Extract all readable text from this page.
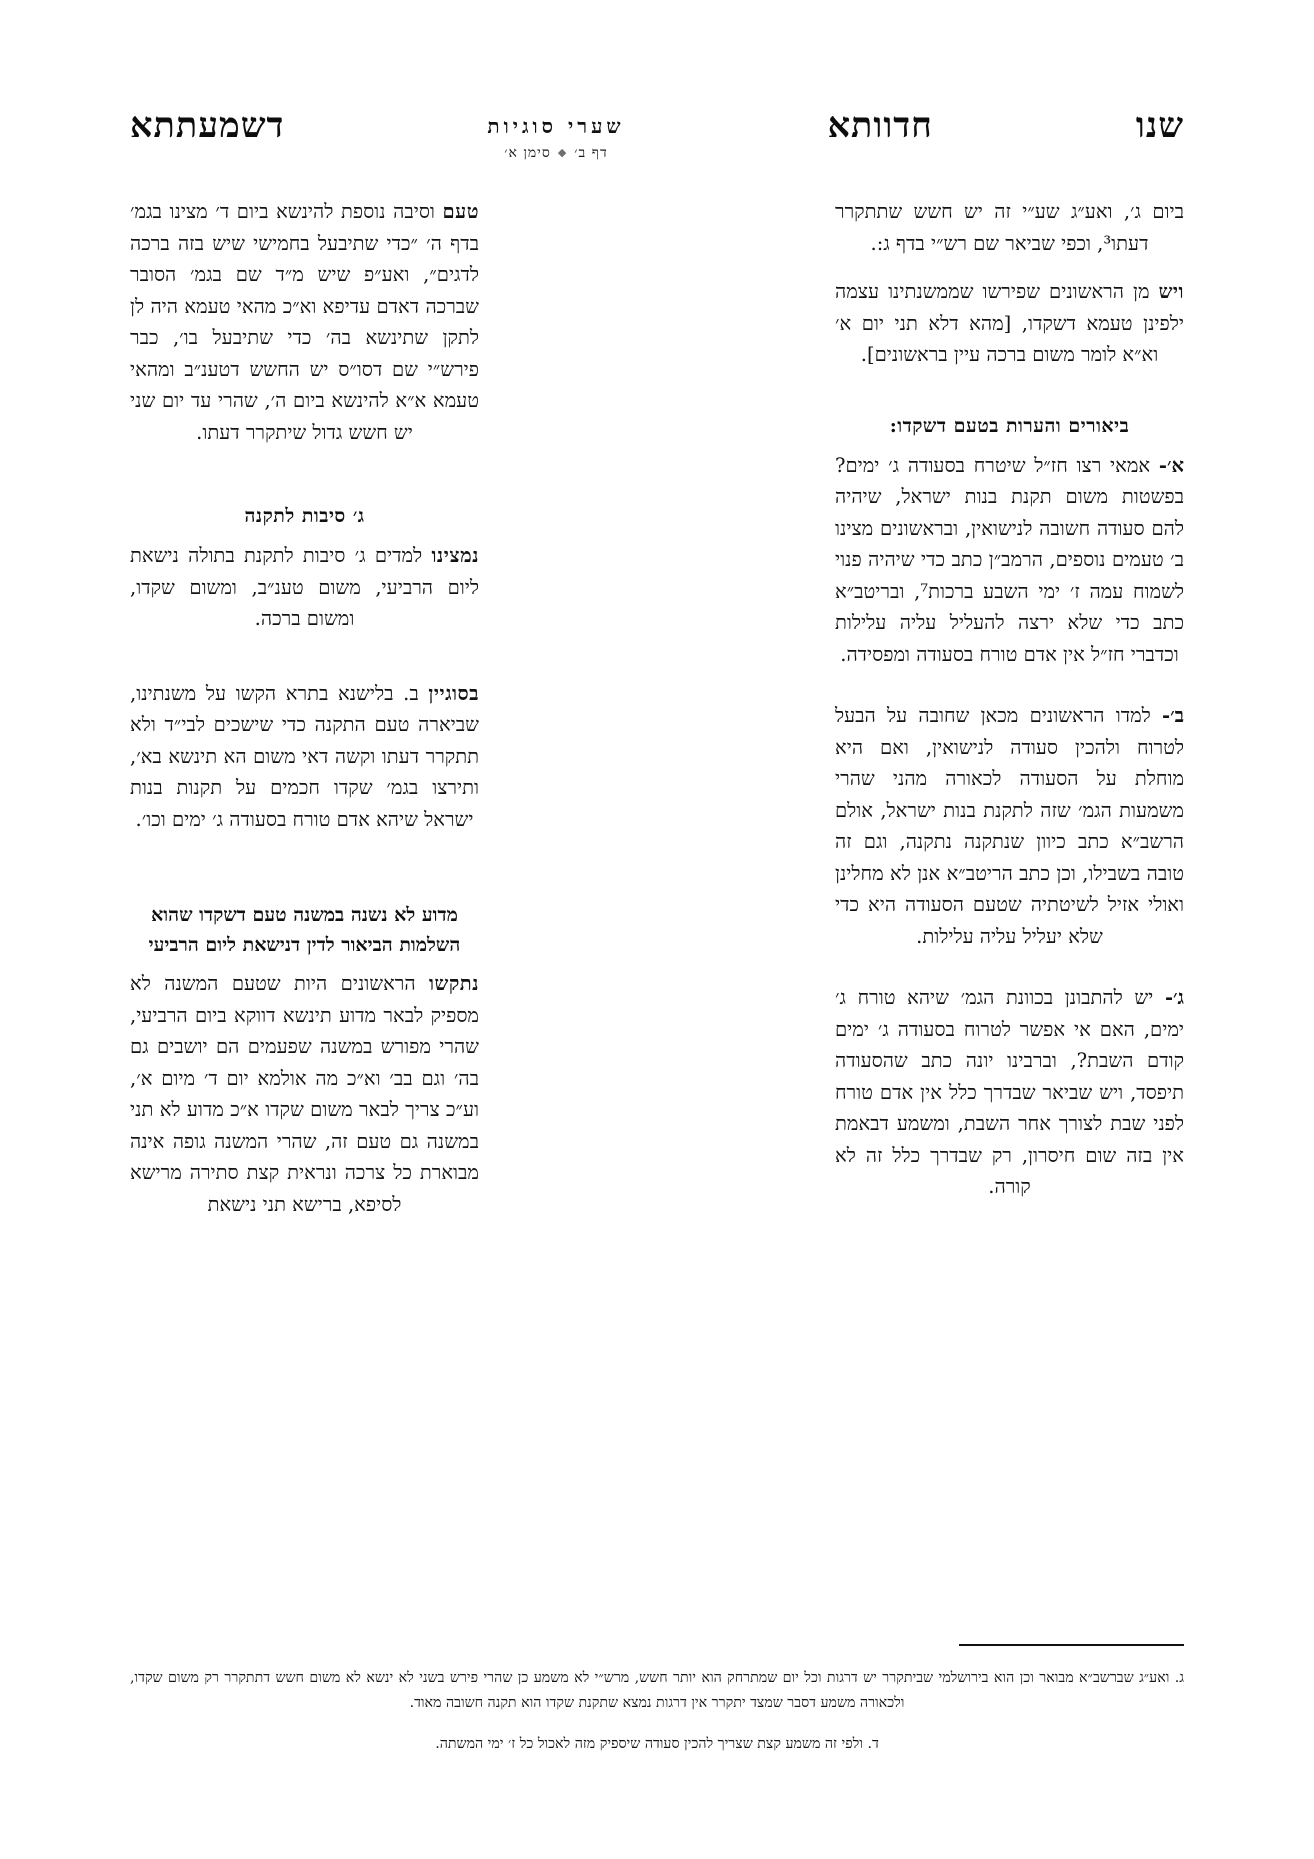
שנו
חדוותא
שערי סוגיות
דף ב׳◆סימן א׳
דשמעתתא

ביום ג׳, ואע״ג שע״י זה יש חשש שתתקרר דעתו³, וכפי שביאר שם רש״י בדף ג:.

ויש מן הראשונים שפירשו שממשנתינו עצמה ילפינן טעמא דשקדו, [מהא דלא תני יום א׳ וא״א לומר משום ברכה עיין בראשונים].

ביאורים והערות בטעם דשקדו:

א׳- אמאי רצו חז״ל שיטרח בסעודה ג׳ ימים? בפשטות משום תקנת בנות ישראל, שיהיה להם סעודה חשובה לנישואין, ובראשונים מצינו ב׳ טעמים נוספים, הרמב״ן כתב כדי שיהיה פנוי לשמוח עמה ז׳ ימי השבע ברכות⁷, ובריטב״א כתב כדי שלא ירצה להעליל עליה עלילות וכדברי חז״ל אין אדם טורח בסעודה ומפסידה.

ב׳- למדו הראשונים מכאן שחובה על הבעל לטרוח ולהכין סעודה לנישואין, ואם היא מוחלת על הסעודה לכאורה מהני שהרי משמעות הגמ׳ שזה לתקנת בנות ישראל, אולם הרשב״א כתב כיוון שנתקנה נתקנה, וגם זה טובה בשבילו, וכן כתב הריטב״א אנן לא מחלינן ואולי אזיל לשיטתיה שטעם הסעודה היא כדי שלא יעליל עליה עלילות.

ג׳- יש להתבונן בכוונת הגמ׳ שיהא טורח ג׳ ימים, האם אי אפשר לטרוח בסעודה ג׳ ימים קודם השבת?, וברבינו יונה כתב שהסעודה תיפסד, ויש שביאר שבדרך כלל אין אדם טורח לפני שבת לצורך אחר השבת, ומשמע דבאמת אין בזה שום חיסרון, רק שבדרך כלל זה לא קורה.

טעם וסיבה נוספת להינשא ביום ד׳ מצינו בגמ׳ בדף ה׳ ״כדי שתיבעל בחמישי שיש בזה ברכה לדגים״, ואע״פ שיש מ״ד שם בגמ׳ הסובר שברכה דאדם עדיפא וא״כ מהאי טעמא היה לן לתקן שתינשא בה׳ כדי שתיבעל בו׳, כבר פירש״י שם דסו״ס יש החשש דטענ״ב ומהאי טעמא א״א להינשא ביום ה׳, שהרי עד יום שני יש חשש גדול שיתקרר דעתו.

ג׳ סיבות לתקנה

נמצינו למדים ג׳ סיבות לתקנת בתולה נישאת ליום הרביעי, משום טענ״ב, ומשום שקדו, ומשום ברכה.

בסוגיין ב. בלישנא בתרא הקשו על משנתינו, שביארה טעם התקנה כדי שישכים לבי״ד ולא תתקרר דעתו וקשה דאי משום הא תינשא בא׳, ותירצו בגמ׳ שקדו חכמים על תקנות בנות ישראל שיהא אדם טורח בסעודה ג׳ ימים וכו׳.

מדוע לא נשנה במשנה טעם דשקדו שהוא השלמות הביאור לדין דנישאת ליום הרביעי

נתקשו הראשונים היות שטעם המשנה לא מספיק לבאר מדוע תינשא דווקא ביום הרביעי, שהרי מפורש במשנה שפעמים הם יושבים גם בה׳ וגם בב׳ וא״כ מה אולמא יום ד׳ מיום א׳, וע״כ צריך לבאר משום שקדו א״כ מדוע לא תני במשנה גם טעם זה, שהרי המשנה גופה אינה מבוארת כל צרכה ונראית קצת סתירה מרישא לסיפא, ברישא תני נישאת

ג. ואע״ג שברשב״א מבואר וכן הוא בירושלמי שביתקרר יש דרגות וכל יום שמתרחק הוא יותר חשש, מרש״י לא משמע כן שהרי פירש בשני לא ינשא לא משום חשש דתתקרר רק משום שקדו, ולכאורה משמע דסבר שמצד יתקרר אין דרגות נמצא שתקנת שקדו הוא תקנה חשובה מאוד.

ד. ולפי זה משמע קצת שצריך להכין סעודה שיספיק מזה לאכול כל ז׳ ימי המשתה.
